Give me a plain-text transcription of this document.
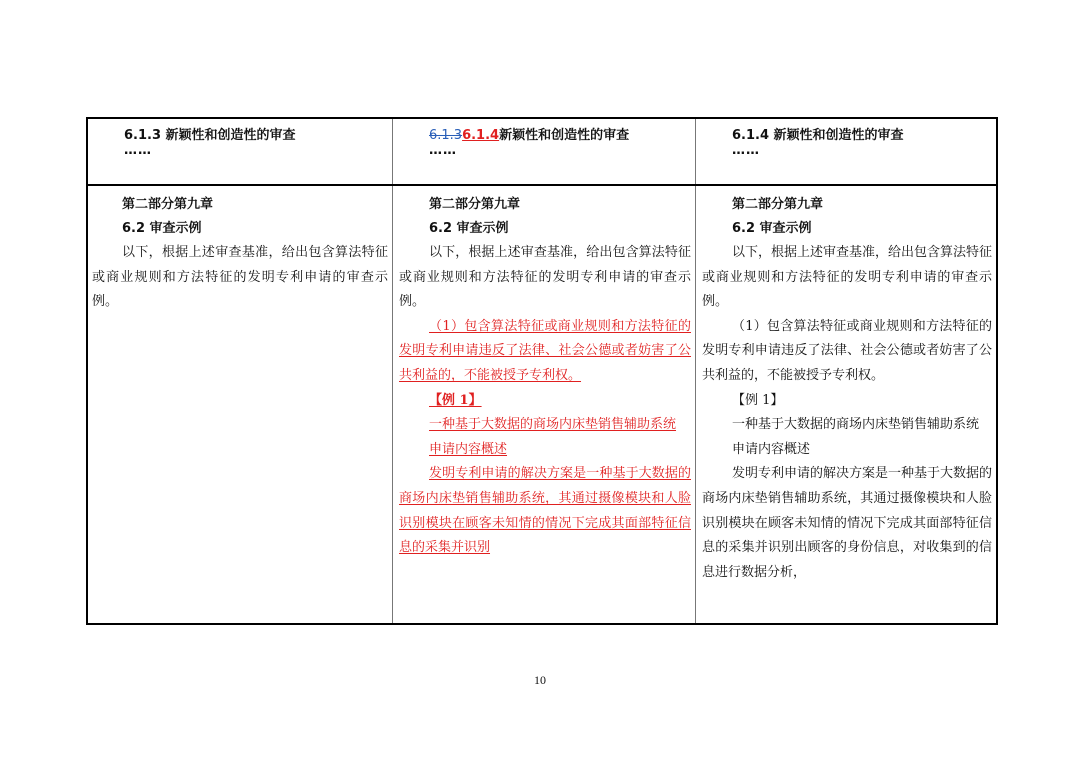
6.1.3 新颖性和创造性的审查
……
6.1.36.1.4新颖性和创造性的审查
……
6.1.4 新颖性和创造性的审查
……
第二部分第九章
6.2 审查示例

以下，根据上述审查基准，给出包含算法特征或商业规则和方法特征的发明专利申请的审查示例。

第二部分第九章
6.2 审查示例

以下，根据上述审查基准，给出包含算法特征或商业规则和方法特征的发明专利申请的审查示例。

（1）包含算法特征或商业规则和方法特征的发明专利申请违反了法律、社会公德或者妨害了公共利益的，不能被授予专利权。

【例 1】

一种基于大数据的商场内床垫销售辅助系统

申请内容概述

发明专利申请的解决方案是一种基于大数据的商场内床垫销售辅助系统，其通过摄像模块和人脸识别模块在顾客未知情的情况下完成其面部特征信息的采集并识别

第二部分第九章
6.2 审查示例

以下，根据上述审查基准，给出包含算法特征或商业规则和方法特征的发明专利申请的审查示例。

（1）包含算法特征或商业规则和方法特征的发明专利申请违反了法律、社会公德或者妨害了公共利益的，不能被授予专利权。

【例 1】

一种基于大数据的商场内床垫销售辅助系统

申请内容概述

发明专利申请的解决方案是一种基于大数据的商场内床垫销售辅助系统，其通过摄像模块和人脸识别模块在顾客未知情的情况下完成其面部特征信息的采集并识别出顾客的身份信息，对收集到的信息进行数据分析，

10
